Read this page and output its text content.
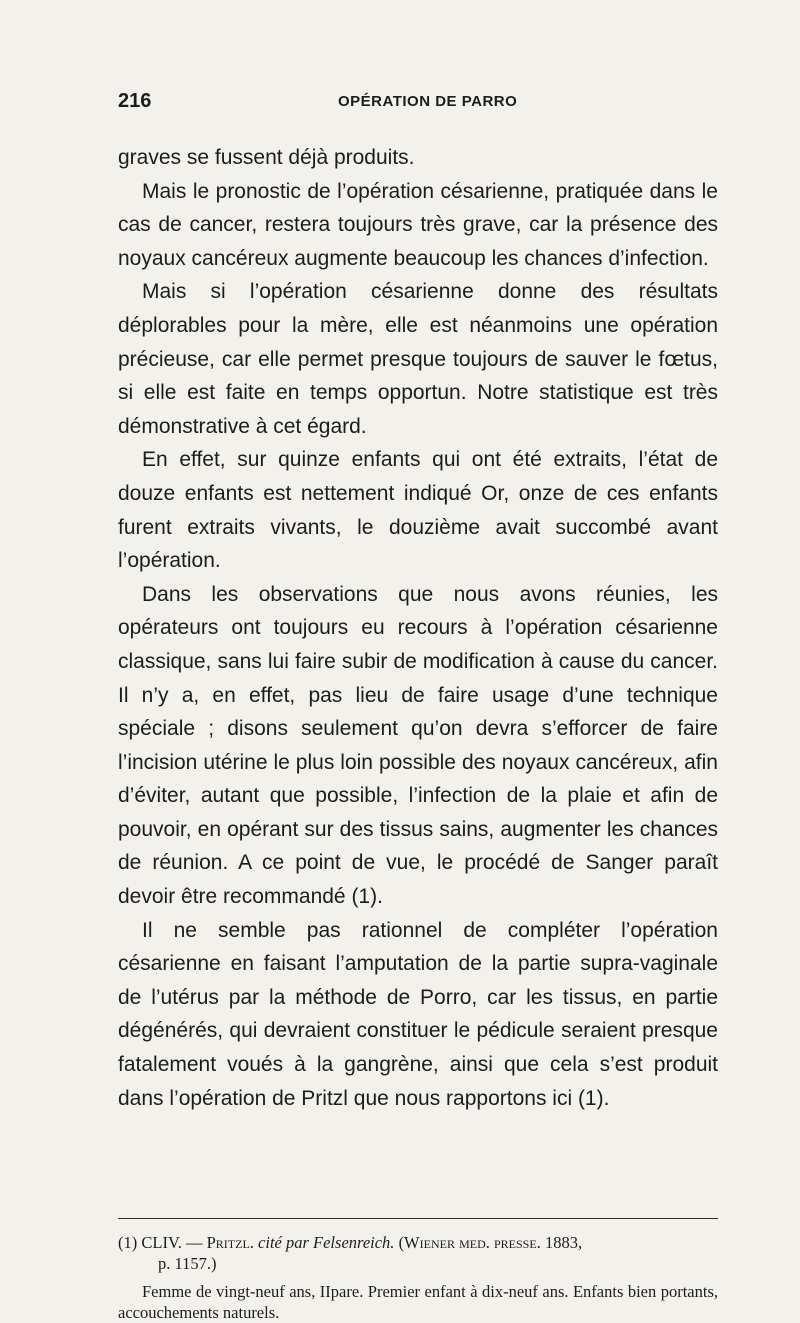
216	OPÉRATION DE PARRO

graves se fussent déjà produits.

Mais le pronostic de l’opération césarienne, pratiquée dans le cas de cancer, restera toujours très grave, car la présence des noyaux cancéreux augmente beaucoup les chances d’infection.

Mais si l’opération césarienne donne des résultats déplorables pour la mère, elle est néanmoins une opération précieuse, car elle permet presque toujours de sauver le fœtus, si elle est faite en temps opportun. Notre statistique est très démonstrative à cet égard.

En effet, sur quinze enfants qui ont été extraits, l’état de douze enfants est nettement indiqué Or, onze de ces enfants furent extraits vivants, le douzième avait succombé avant l’opération.

Dans les observations que nous avons réunies, les opérateurs ont toujours eu recours à l’opération césarienne classique, sans lui faire subir de modification à cause du cancer. Il n’y a, en effet, pas lieu de faire usage d’une technique spéciale ; disons seulement qu’on devra s’efforcer de faire l’incision utérine le plus loin possible des noyaux cancéreux, afin d’éviter, autant que possible, l’infection de la plaie et afin de pouvoir, en opérant sur des tissus sains, augmenter les chances de réunion. A ce point de vue, le procédé de Sanger paraît devoir être recommandé (1).

Il ne semble pas rationnel de compléter l’opération césarienne en faisant l’amputation de la partie supra-vaginale de l’utérus par la méthode de Porro, car les tissus, en partie dégénérés, qui devraient constituer le pédicule seraient presque fatalement voués à la gangrène, ainsi que cela s’est produit dans l’opération de Pritzl que nous rapportons ici (1).

(1) CLIV. — Pritzl. cité par Felsenreich. (Wiener med. presse. 1883,

p. 1157.)

Femme de vingt-neuf ans, IIpare. Premier enfant à dix-neuf ans. Enfants bien portants, accouchements naturels.
